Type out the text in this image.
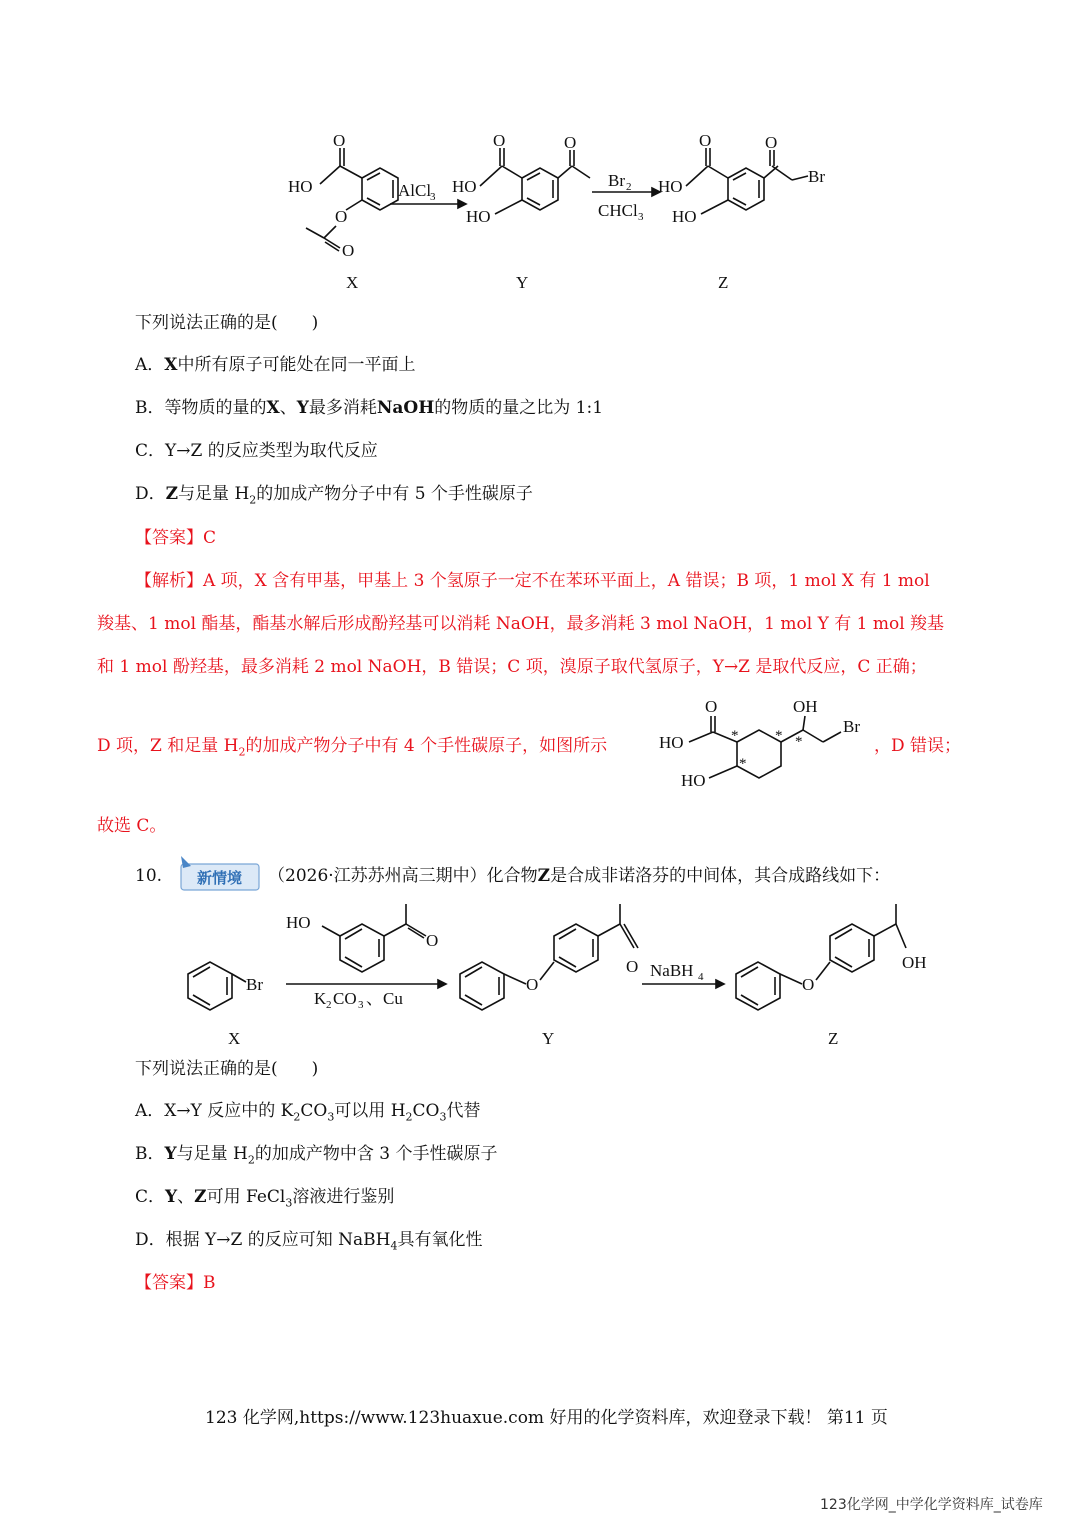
O
HO
O
O
X
AlCl
3
O
HO
HO
O
Y
Br 2
CHCl 3
O
HO
HO
O
Br
Z
下列说法正确的是(　　)
A．X中所有原子可能处在同一平面上
B．等物质的量的X、Y最多消耗NaOH的物质的量之比为 1:1
C．Y→Z 的反应类型为取代反应
D．Z与足量 $H_2$的加成产物分子中有 5 个手性碳原子
【答案】C
【解析】A 项，X 含有甲基，甲基上 3 个氢原子一定不在苯环平面上，A 错误；B 项，1 mol X 有 1 mol
羧基、1 mol 酯基，酯基水解后形成酚羟基可以消耗 NaOH，最多消耗 3 mol NaOH，1 mol Y 有 1 mol 羧基
和 1 mol 酚羟基，最多消耗 2 mol NaOH，B 错误；C 项，溴原子取代氢原子，Y→Z 是取代反应，C 正确；
D 项，Z 和足量 $H_2$的加成产物分子中有 4 个手性碳原子，如图所示
O
HO	* *
*
HO
OH
*
Br
，D 错误；
故选 C。
10. 新情境 （2026·江苏苏州高三期中）化合物Z是合成非诺洛芬的中间体，其合成路线如下：
Br
X
HO
O
K 2 CO 3 、Cu
O
O
Y
NaBH 4	O
OH
Z
下列说法正确的是(　　)
A．X→Y 反应中的 $K_2CO_3$可以用 $H_2CO_3$代替
B．Y与足量 $H_2$的加成产物中含 3 个手性碳原子
C．Y、Z可用 FeCl$_3$溶液进行鉴别
D．根据 Y→Z 的反应可知 NaBH$_4$具有氧化性
【答案】B
123 化学网,https://www.123huaxue.com 好用的化学资料库，欢迎登录下载！ 第11 页
123化学网_中学化学资料库_试卷库
